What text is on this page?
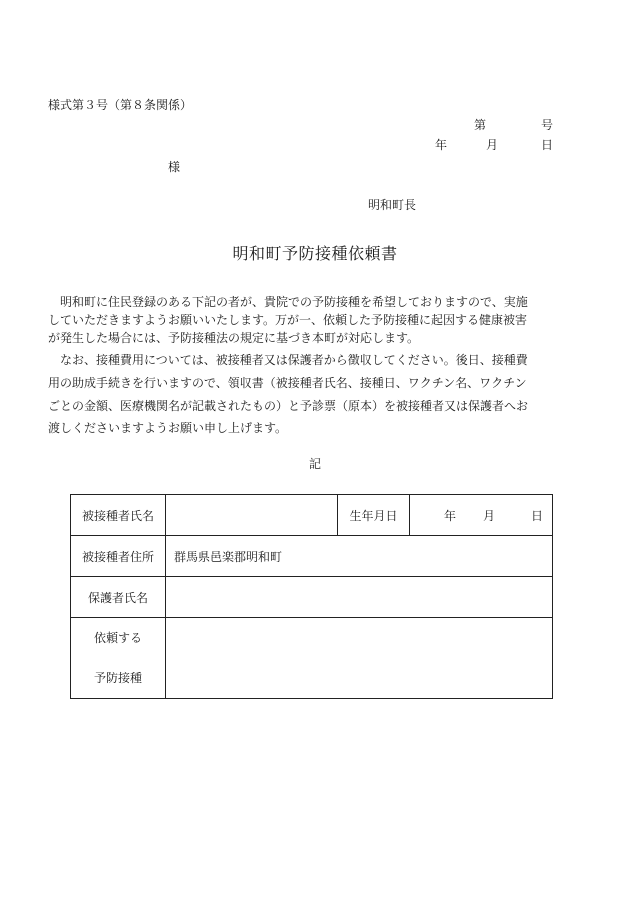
様式第３号（第８条関係）
第	号
年	月	日
様
明和町長
明和町予防接種依頼書
　明和町に住民登録のある下記の者が、貴院での予防接種を希望しておりますので、実施
していただきますようお願いいたします。万が一、依頼した予防接種に起因する健康被害
が発生した場合には、予防接種法の規定に基づき本町が対応します。
　なお、接種費用については、被接種者又は保護者から徴収してください。後日、接種費
用の助成手続きを行いますので、領収書（被接種者氏名、接種日、ワクチン名、ワクチン
ごとの金額、医療機関名が記載されたもの）と予診票（原本）を被接種者又は保護者へお
渡しくださいますようお願い申し上げます。
記
被接種者氏名		生年月日	年 月 日
被接種者住所	群馬県邑楽郡明和町		
保護者氏名			

依頼する
予防接種			
